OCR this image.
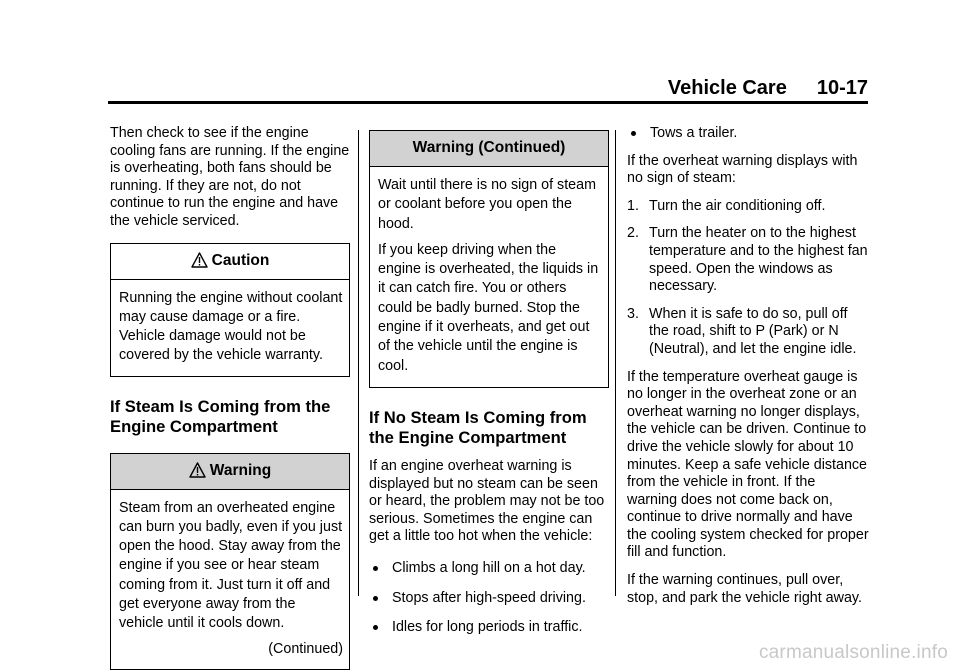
Vehicle Care 10-17

Then check to see if the engine cooling fans are running. If the engine is overheating, both fans should be running. If they are not, do not continue to run the engine and have the vehicle serviced.

Caution

Running the engine without coolant may cause damage or a fire. Vehicle damage would not be covered by the vehicle warranty.

If Steam Is Coming from the Engine Compartment
Warning

Steam from an overheated engine can burn you badly, even if you just open the hood. Stay away from the engine if you see or hear steam coming from it. Just turn it off and get everyone away from the vehicle until it cools down.

(Continued)

Warning (Continued)

Wait until there is no sign of steam or coolant before you open the hood.

If you keep driving when the engine is overheated, the liquids in it can catch fire. You or others could be badly burned. Stop the engine if it overheats, and get out of the vehicle until the engine is cool.

If No Steam Is Coming from the Engine Compartment

If an engine overheat warning is displayed but no steam can be seen or heard, the problem may not be too serious. Sometimes the engine can get a little too hot when the vehicle:

Climbs a long hill on a hot day.
Stops after high-speed driving.
Idles for long periods in traffic.
Tows a trailer.

If the overheat warning displays with no sign of steam:

1. Turn the air conditioning off.
2. Turn the heater on to the highest temperature and to the highest fan speed. Open the windows as necessary.
3. When it is safe to do so, pull off the road, shift to P (Park) or N (Neutral), and let the engine idle.

If the temperature overheat gauge is no longer in the overheat zone or an overheat warning no longer displays, the vehicle can be driven. Continue to drive the vehicle slowly for about 10 minutes. Keep a safe vehicle distance from the vehicle in front. If the warning does not come back on, continue to drive normally and have the cooling system checked for proper fill and function.

If the warning continues, pull over, stop, and park the vehicle right away.

carmanualsonline.info
